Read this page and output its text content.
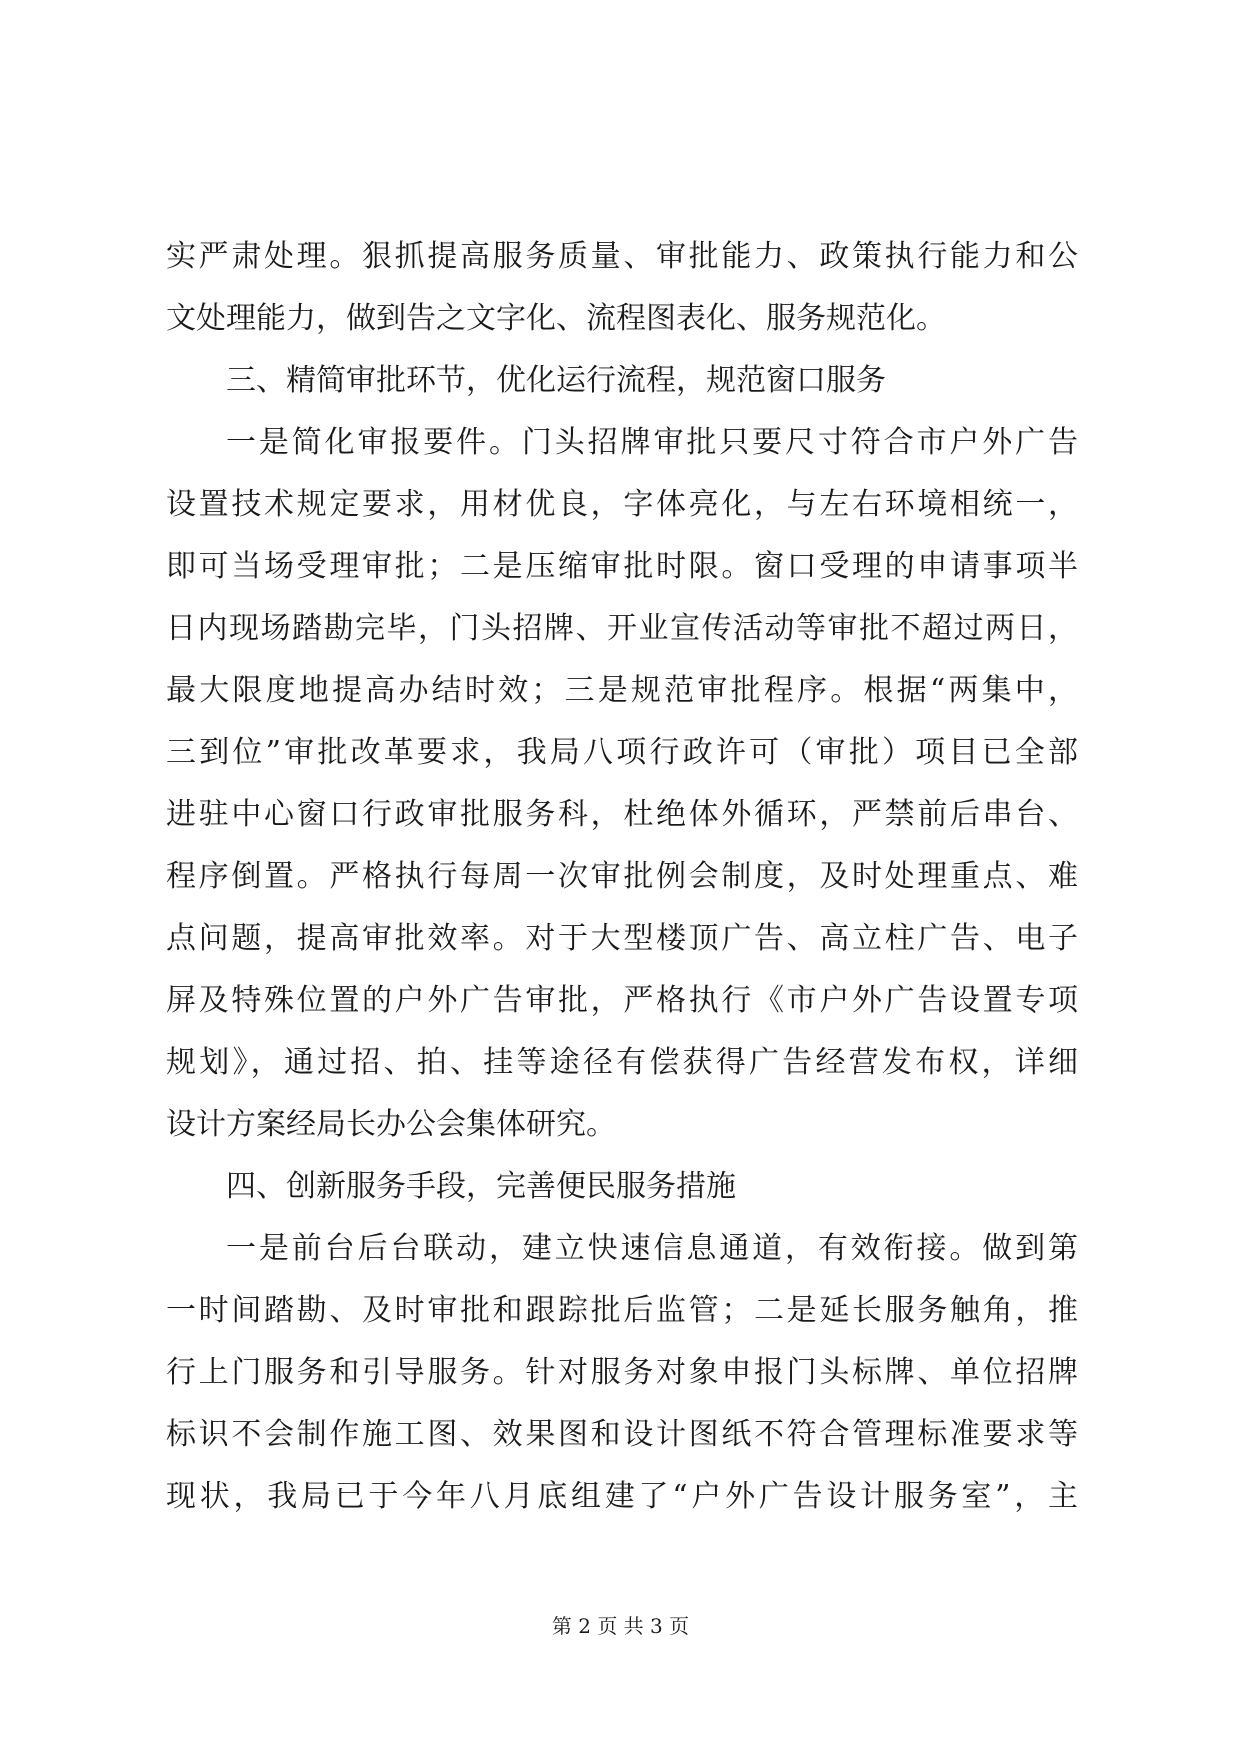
实严肃处理。狠抓提高服务质量、审批能力、政策执行能力和公
文处理能力，做到告之文字化、流程图表化、服务规范化。
三、精简审批环节，优化运行流程，规范窗口服务
一是简化审报要件。门头招牌审批只要尺寸符合市户外广告
设置技术规定要求，用材优良，字体亮化，与左右环境相统一，
即可当场受理审批；二是压缩审批时限。窗口受理的申请事项半
日内现场踏勘完毕，门头招牌、开业宣传活动等审批不超过两日，
最大限度地提高办结时效；三是规范审批程序。根据“两集中，
三到位”审批改革要求，我局八项行政许可（审批）项目已全部
进驻中心窗口行政审批服务科，杜绝体外循环，严禁前后串台、
程序倒置。严格执行每周一次审批例会制度，及时处理重点、难
点问题，提高审批效率。对于大型楼顶广告、高立柱广告、电子
屏及特殊位置的户外广告审批，严格执行《市户外广告设置专项
规划》，通过招、拍、挂等途径有偿获得广告经营发布权，详细
设计方案经局长办公会集体研究。
四、创新服务手段，完善便民服务措施
一是前台后台联动，建立快速信息通道，有效衔接。做到第
一时间踏勘、及时审批和跟踪批后监管；二是延长服务触角，推
行上门服务和引导服务。针对服务对象申报门头标牌、单位招牌
标识不会制作施工图、效果图和设计图纸不符合管理标准要求等
现状，我局已于今年八月底组建了“户外广告设计服务室”，主
第 2 页 共 3 页
